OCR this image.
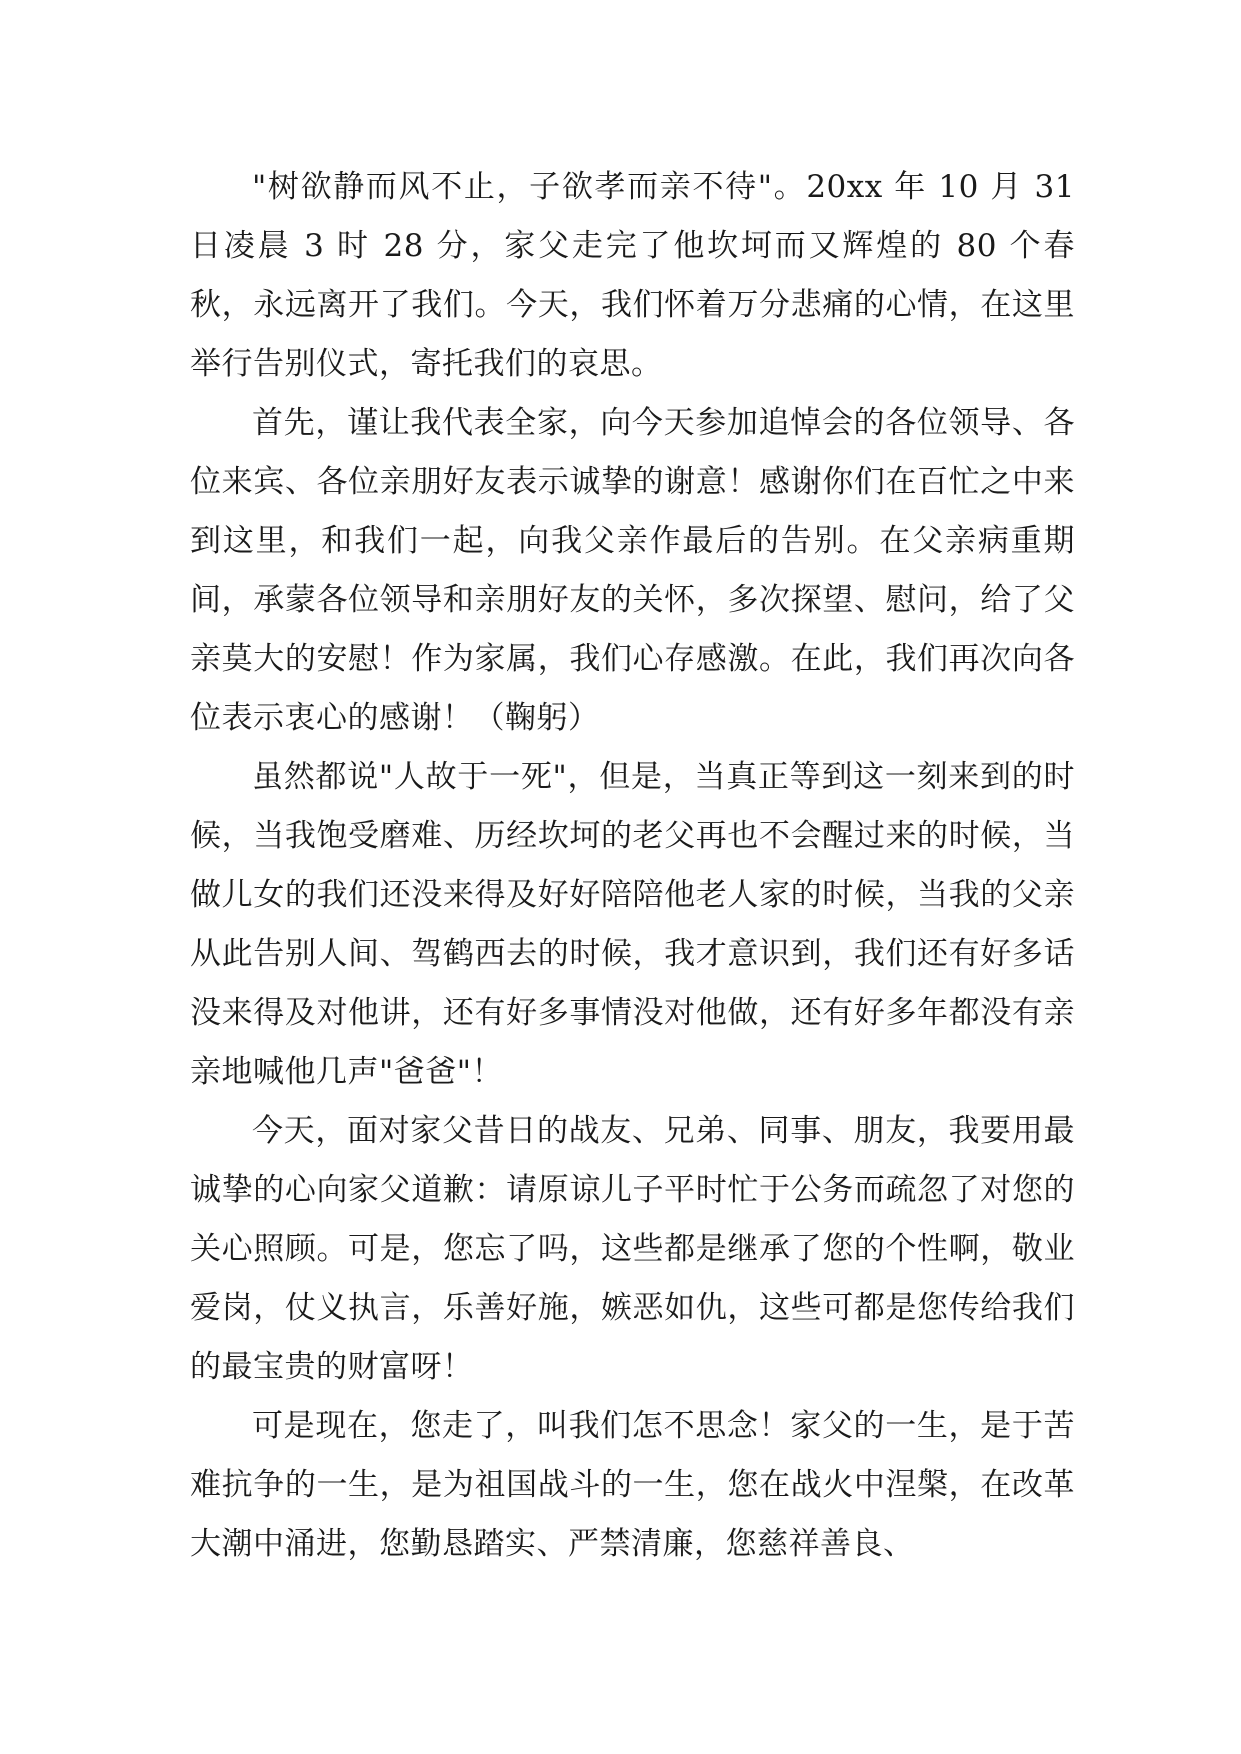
"树欲静而风不止，子欲孝而亲不待"。20xx 年 10 月 31 日凌晨 3 时 28 分，家父走完了他坎坷而又辉煌的 80 个春秋，永远离开了我们。今天，我们怀着万分悲痛的心情，在这里举行告别仪式，寄托我们的哀思。

首先，谨让我代表全家，向今天参加追悼会的各位领导、各位来宾、各位亲朋好友表示诚挚的谢意！感谢你们在百忙之中来到这里，和我们一起，向我父亲作最后的告别。在父亲病重期间，承蒙各位领导和亲朋好友的关怀，多次探望、慰问，给了父亲莫大的安慰！作为家属，我们心存感激。在此，我们再次向各位表示衷心的感谢！（鞠躬）

虽然都说"人故于一死"，但是，当真正等到这一刻来到的时候，当我饱受磨难、历经坎坷的老父再也不会醒过来的时候，当做儿女的我们还没来得及好好陪陪他老人家的时候，当我的父亲从此告别人间、驾鹤西去的时候，我才意识到，我们还有好多话没来得及对他讲，还有好多事情没对他做，还有好多年都没有亲亲地喊他几声"爸爸"！

今天，面对家父昔日的战友、兄弟、同事、朋友，我要用最诚挚的心向家父道歉：请原谅儿子平时忙于公务而疏忽了对您的关心照顾。可是，您忘了吗，这些都是继承了您的个性啊，敬业爱岗，仗义执言，乐善好施，嫉恶如仇，这些可都是您传给我们的最宝贵的财富呀！

可是现在，您走了，叫我们怎不思念！家父的一生，是于苦难抗争的一生，是为祖国战斗的一生，您在战火中涅槃，在改革大潮中涌进，您勤恳踏实、严禁清廉，您慈祥善良、
